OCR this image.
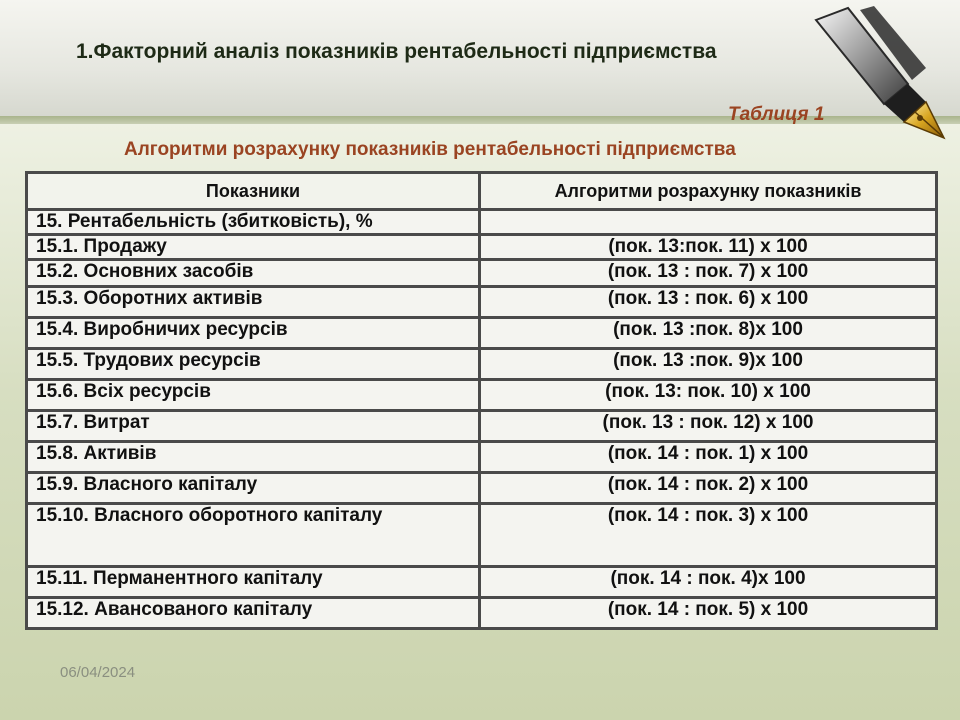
1.Факторний аналіз показників рентабельності підприємства
Таблиця 1
Алгоритми розрахунку показників рентабельності підприємства
Показники	Алгоритми розрахунку показників
15. Рентабельність (збитковість), %	
15.1. Продажу	(пок. 13:пок. 11) х 100
15.2. Основних засобів	(пок. 13 : пок. 7) х 100
15.3. Оборотних активів	(пок. 13 : пок. 6) х 100
15.4. Виробничих ресурсів	(пок. 13 :пок. 8)х 100
15.5. Трудових ресурсів	(пок. 13 :пок. 9)х 100
15.6. Всіх ресурсів	(пок. 13: пок. 10) х 100
15.7. Витрат	(пок. 13 : пок. 12) х 100
15.8. Активів	(пок. 14 : пок. 1) х 100
15.9. Власного капіталу	(пок. 14 : пок. 2) х 100
15.10. Власного оборотного капіталу	(пок. 14 : пок. 3) х 100
15.11. Перманентного капіталу	(пок. 14 : пок. 4)х 100
15.12. Авансованого капіталу	(пок. 14 : пок. 5) х 100
06/04/2024
